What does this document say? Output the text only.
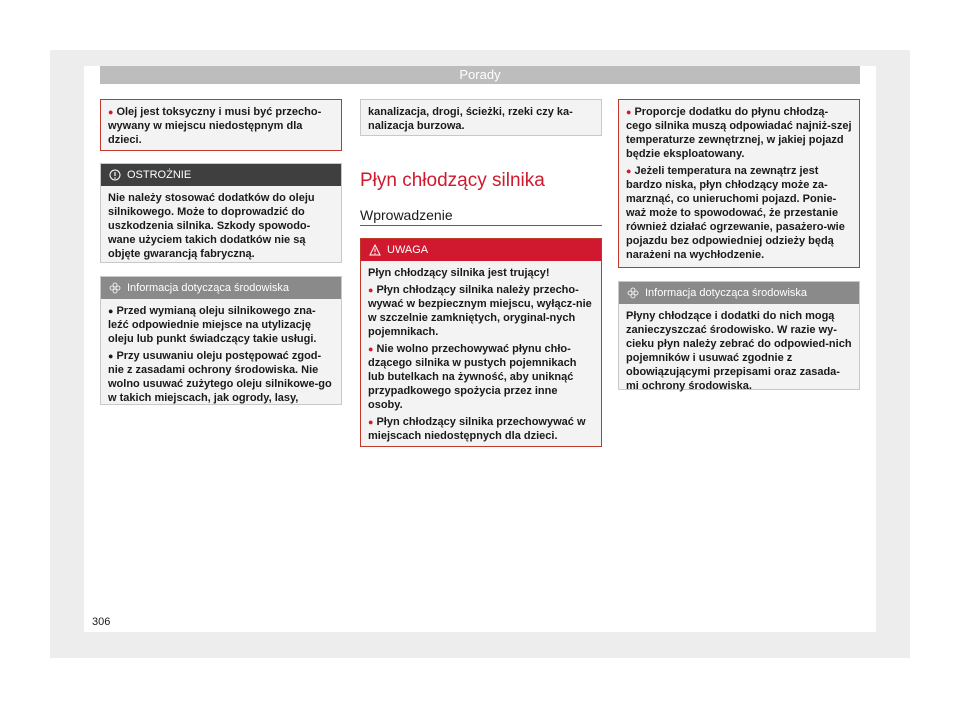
Porady

● Olej jest toksyczny i musi być przecho-wywany w miejscu niedostępnym dla dzieci.

OSTROŻNIE

Nie należy stosować dodatków do oleju silnikowego. Może to doprowadzić do uszkodzenia silnika. Szkody spowodo-wane użyciem takich dodatków nie są objęte gwarancją fabryczną.

Informacja dotycząca środowiska

● Przed wymianą oleju silnikowego zna-leźć odpowiednie miejsce na utylizację oleju lub punkt świadczący takie usługi.

● Przy usuwaniu oleju postępować zgod-nie z zasadami ochrony środowiska. Nie wolno usuwać zużytego oleju silnikowe-go w takich miejscach, jak ogrody, lasy,

kanalizacja, drogi, ścieżki, rzeki czy ka-nalizacja burzowa.

Płyn chłodzący silnika
Wprowadzenie
UWAGA

Płyn chłodzący silnika jest trujący!

● Płyn chłodzący silnika należy przecho-wywać w bezpiecznym miejscu, wyłącz-nie w szczelnie zamkniętych, oryginal-nych pojemnikach.

● Nie wolno przechowywać płynu chło-dzącego silnika w pustych pojemnikach lub butelkach na żywność, aby uniknąć przypadkowego spożycia przez inne osoby.

● Płyn chłodzący silnika przechowywać w miejscach niedostępnych dla dzieci.

● Proporcje dodatku do płynu chłodzą-cego silnika muszą odpowiadać najniż-szej temperaturze zewnętrznej, w jakiej pojazd będzie eksploatowany.

● Jeżeli temperatura na zewnątrz jest bardzo niska, płyn chłodzący może za-marznąć, co unieruchomi pojazd. Ponie-waż może to spowodować, że przestanie również działać ogrzewanie, pasażero-wie pojazdu bez odpowiedniej odzieży będą narażeni na wychłodzenie.

Informacja dotycząca środowiska

Płyny chłodzące i dodatki do nich mogą zanieczyszczać środowisko. W razie wy-cieku płyn należy zebrać do odpowied-nich pojemników i usuwać zgodnie z obowiązującymi przepisami oraz zasada-mi ochrony środowiska.

306
